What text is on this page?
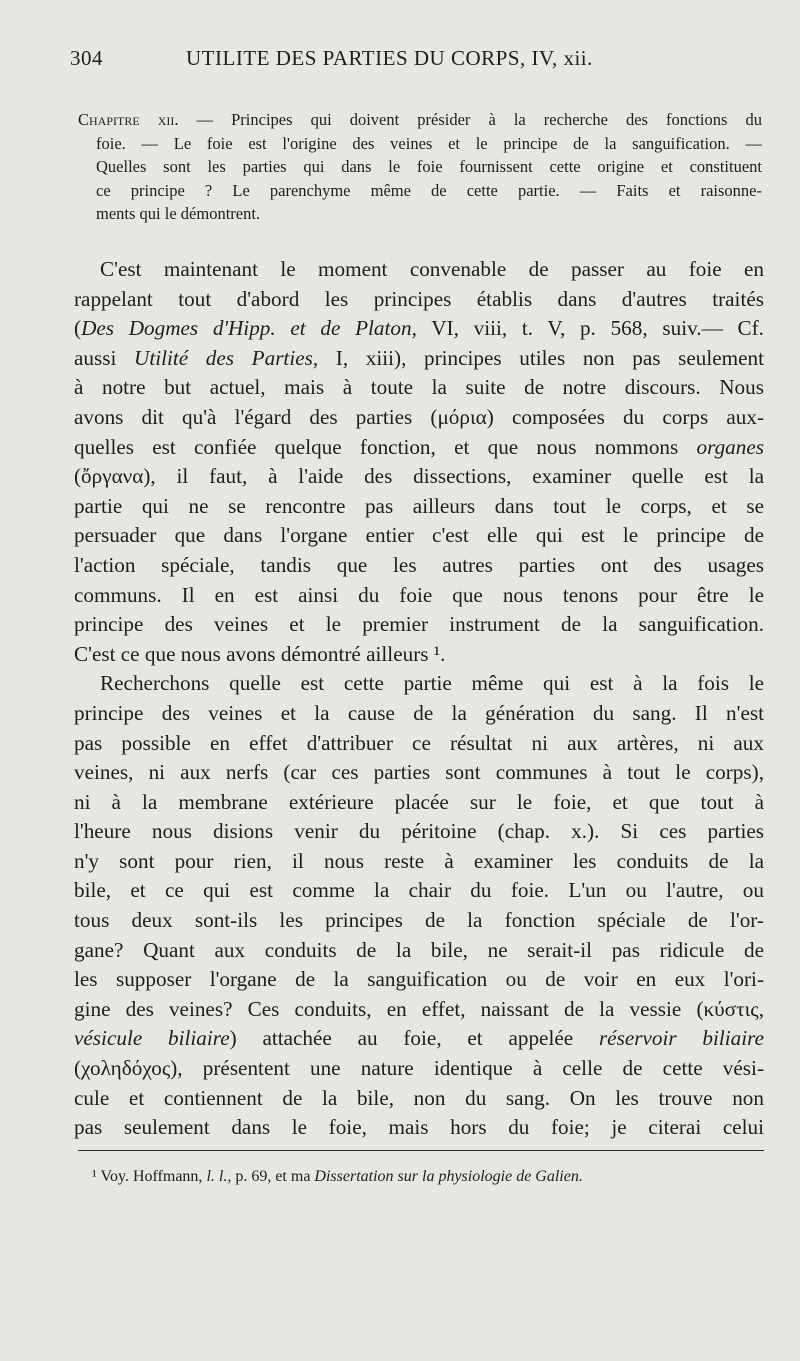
304	UTILITE DES PARTIES DU CORPS, IV, xii.
Chapitre xii. — Principes qui doivent présider à la recherche des fonctions du
foie. — Le foie est l'origine des veines et le principe de la sanguification. —
Quelles sont les parties qui dans le foie fournissent cette origine et constituent
ce principe ? Le parenchyme même de cette partie. — Faits et raisonne-
ments qui le démontrent.
C'est maintenant le moment convenable de passer au foie en
rappelant tout d'abord les principes établis dans d'autres traités
(Des Dogmes d'Hipp. et de Platon, VI, viii, t. V, p. 568, suiv.— Cf.
aussi Utilité des Parties, I, xiii), principes utiles non pas seulement
à notre but actuel, mais à toute la suite de notre discours. Nous
avons dit qu'à l'égard des parties (μόρια) composées du corps aux-
quelles est confiée quelque fonction, et que nous nommons organes
(ὄργανα), il faut, à l'aide des dissections, examiner quelle est la
partie qui ne se rencontre pas ailleurs dans tout le corps, et se
persuader que dans l'organe entier c'est elle qui est le principe de
l'action spéciale, tandis que les autres parties ont des usages
communs. Il en est ainsi du foie que nous tenons pour être le
principe des veines et le premier instrument de la sanguification.
C'est ce que nous avons démontré ailleurs ¹.
Recherchons quelle est cette partie même qui est à la fois le
principe des veines et la cause de la génération du sang. Il n'est
pas possible en effet d'attribuer ce résultat ni aux artères, ni aux
veines, ni aux nerfs (car ces parties sont communes à tout le corps),
ni à la membrane extérieure placée sur le foie, et que tout à
l'heure nous disions venir du péritoine (chap. x.). Si ces parties
n'y sont pour rien, il nous reste à examiner les conduits de la
bile, et ce qui est comme la chair du foie. L'un ou l'autre, ou
tous deux sont-ils les principes de la fonction spéciale de l'or-
gane? Quant aux conduits de la bile, ne serait-il pas ridicule de
les supposer l'organe de la sanguification ou de voir en eux l'ori-
gine des veines? Ces conduits, en effet, naissant de la vessie (κύστις,
vésicule biliaire) attachée au foie, et appelée réservoir biliaire
(χοληδόχος), présentent une nature identique à celle de cette vési-
cule et contiennent de la bile, non du sang. On les trouve non
pas seulement dans le foie, mais hors du foie; je citerai celui
¹ Voy. Hoffmann, l. l., p. 69, et ma Dissertation sur la physiologie de Galien.
